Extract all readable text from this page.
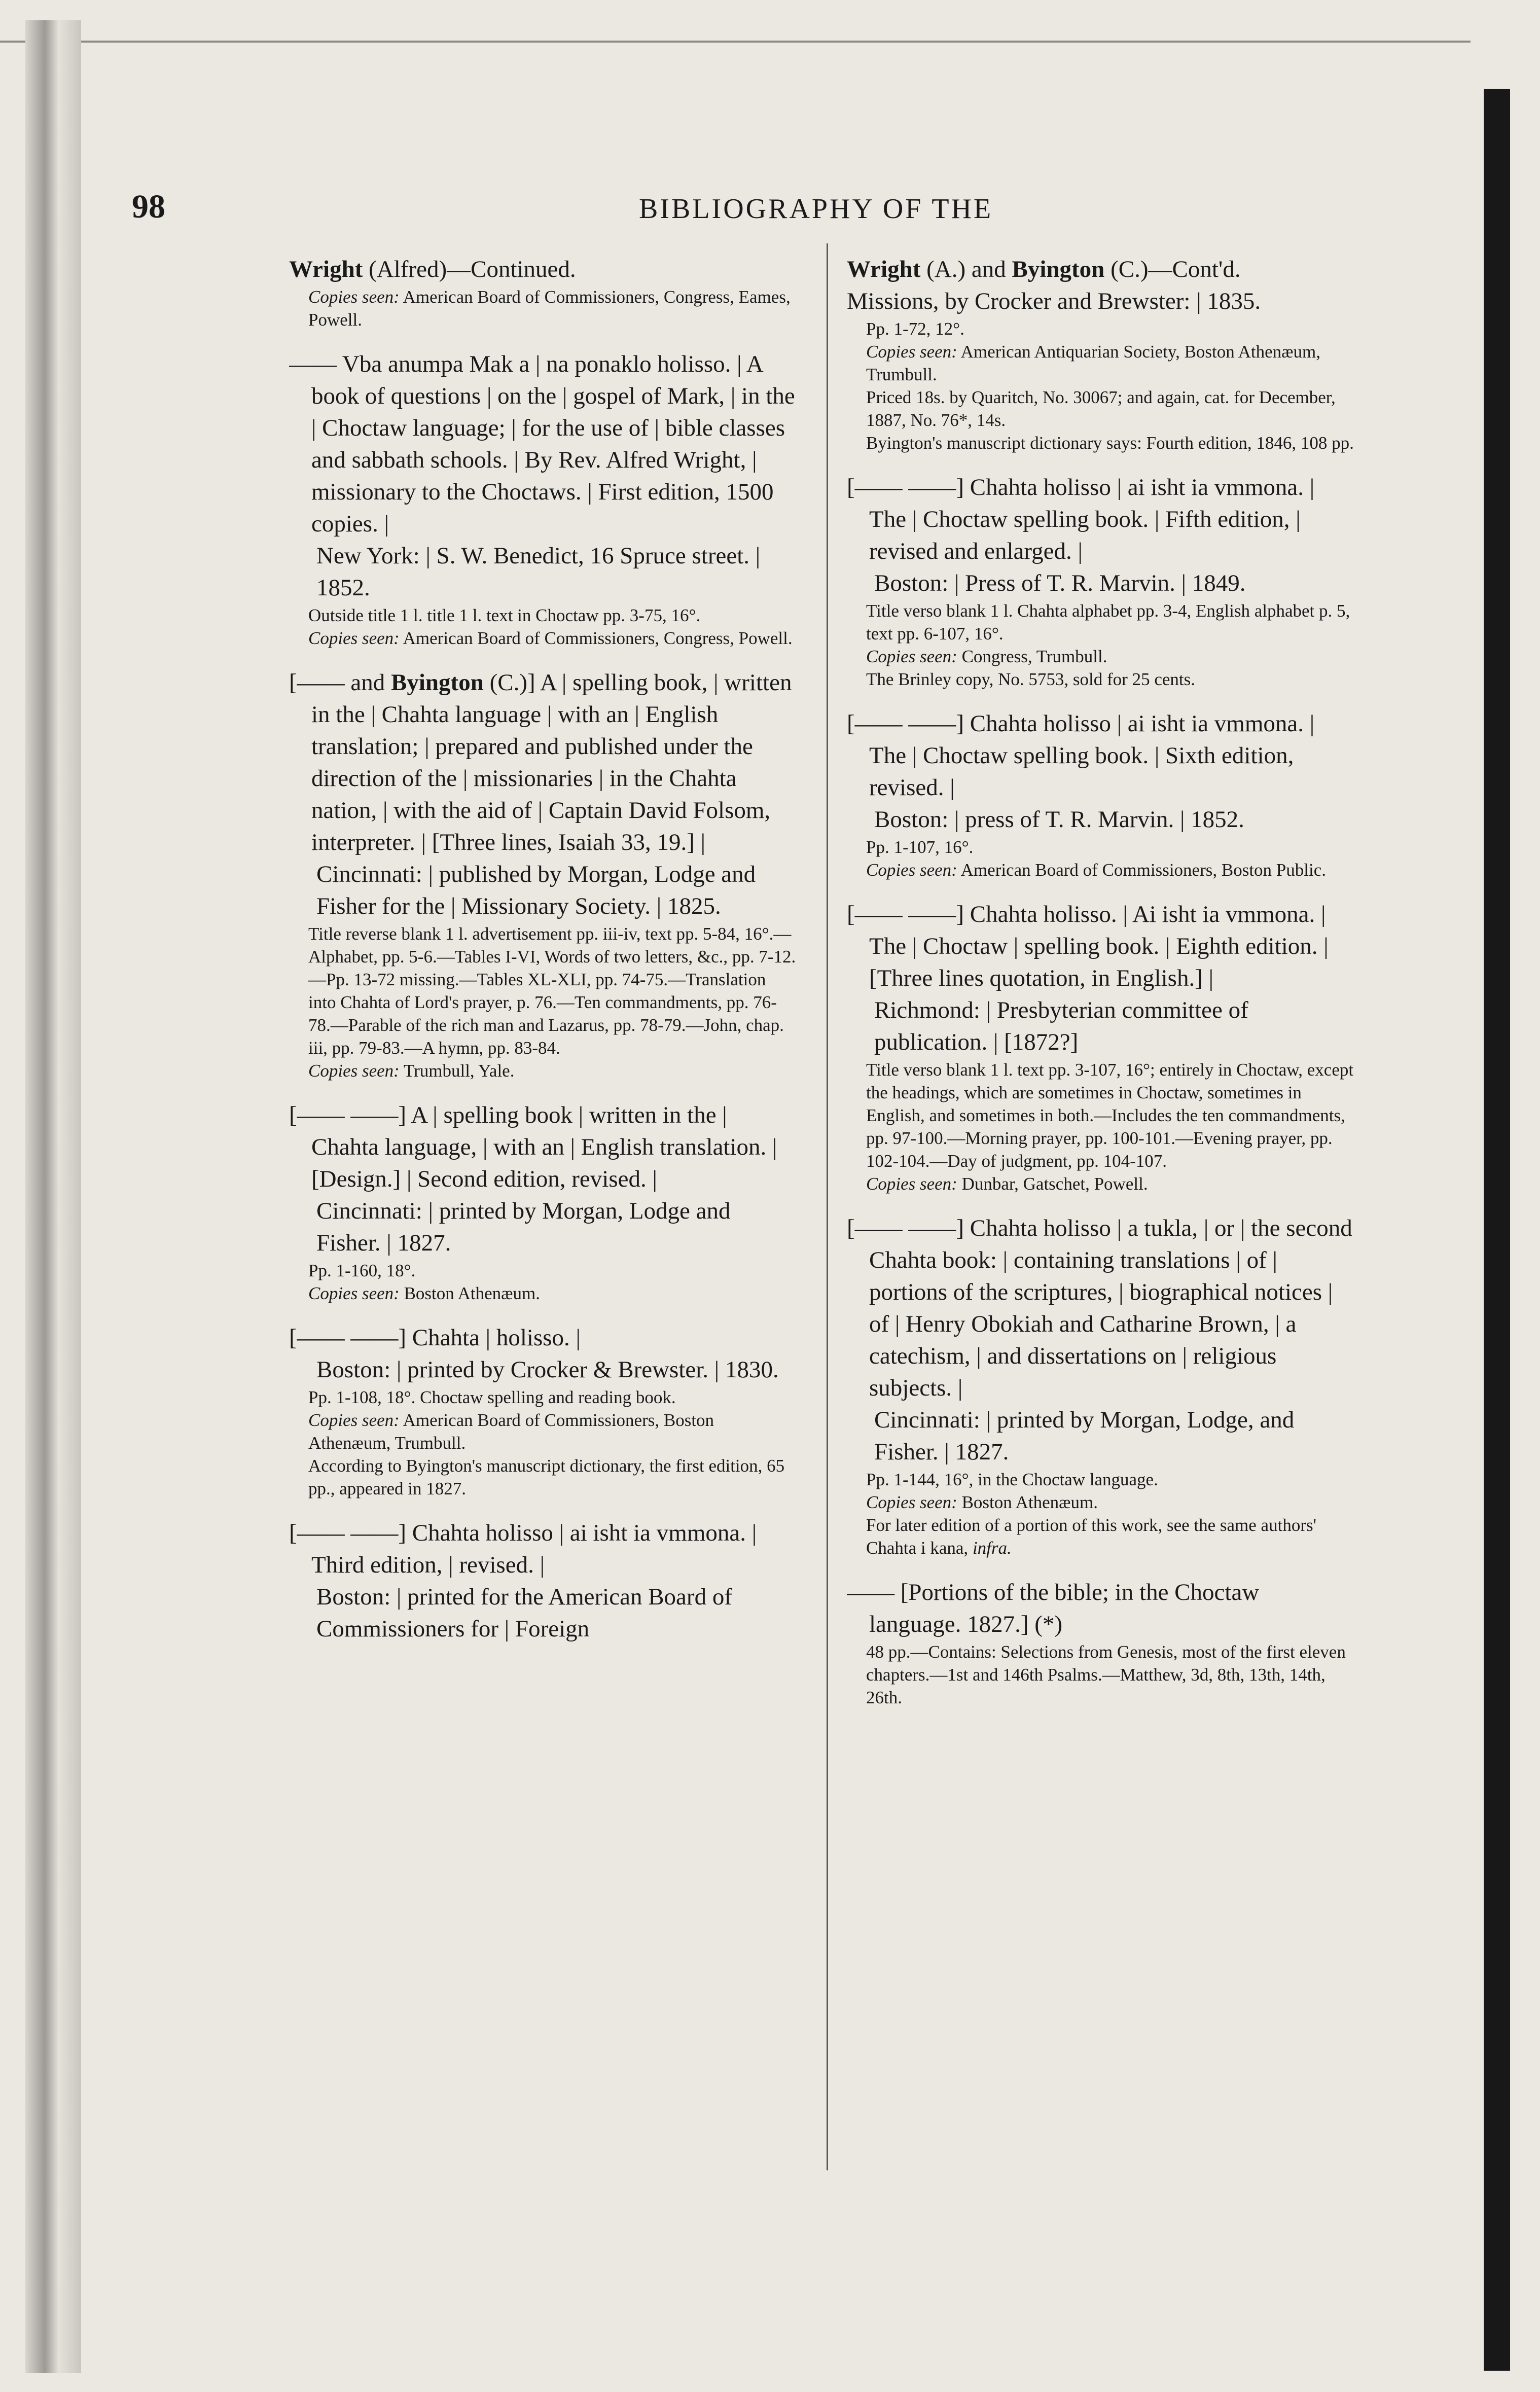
98	BIBLIOGRAPHY OF THE

Wright (Alfred)—Continued.

Copies seen: American Board of Commissioners, Congress, Eames, Powell.

—— Vba anumpa Mak a | na ponaklo holisso. | A book of questions | on the | gospel of Mark, | in the | Choctaw language; | for the use of | bible classes and sabbath schools. | By Rev. Alfred Wright, | missionary to the Choctaws. | First edition, 1500 copies. |

New York: | S. W. Benedict, 16 Spruce street. | 1852.

Outside title 1 l. title 1 l. text in Choctaw pp. 3-75, 16°.

Copies seen: American Board of Commissioners, Congress, Powell.

[—— and Byington (C.)] A | spelling book, | written in the | Chahta language | with an | English translation; | prepared and published under the direction of the | missionaries | in the Chahta nation, | with the aid of | Captain David Folsom, interpreter. | [Three lines, Isaiah 33, 19.] |

Cincinnati: | published by Morgan, Lodge and Fisher for the | Missionary Society. | 1825.

Title reverse blank 1 l. advertisement pp. iii-iv, text pp. 5-84, 16°.—Alphabet, pp. 5-6.—Tables I-VI, Words of two letters, &c., pp. 7-12.—Pp. 13-72 missing.—Tables XL-XLI, pp. 74-75.—Translation into Chahta of Lord's prayer, p. 76.—Ten commandments, pp. 76-78.—Parable of the rich man and Lazarus, pp. 78-79.—John, chap. iii, pp. 79-83.—A hymn, pp. 83-84.

Copies seen: Trumbull, Yale.

[—— ——] A | spelling book | written in the | Chahta language, | with an | English translation. | [Design.] | Second edition, revised. |

Cincinnati: | printed by Morgan, Lodge and Fisher. | 1827.

Pp. 1-160, 18°.

Copies seen: Boston Athenæum.

[—— ——] Chahta | holisso. |

Boston: | printed by Crocker & Brewster. | 1830.

Pp. 1-108, 18°. Choctaw spelling and reading book.

Copies seen: American Board of Commissioners, Boston Athenæum, Trumbull.

According to Byington's manuscript dictionary, the first edition, 65 pp., appeared in 1827.

[—— ——] Chahta holisso | ai isht ia vmmona. | Third edition, | revised. |

Boston: | printed for the American Board of Commissioners for | Foreign

Wright (A.) and Byington (C.)—Cont'd.

Missions, by Crocker and Brewster: | 1835.

Pp. 1-72, 12°.

Copies seen: American Antiquarian Society, Boston Athenæum, Trumbull.

Priced 18s. by Quaritch, No. 30067; and again, cat. for December, 1887, No. 76*, 14s.

Byington's manuscript dictionary says: Fourth edition, 1846, 108 pp.

[—— ——] Chahta holisso | ai isht ia vmmona. | The | Choctaw spelling book. | Fifth edition, | revised and enlarged. |

Boston: | Press of T. R. Marvin. | 1849.

Title verso blank 1 l. Chahta alphabet pp. 3-4, English alphabet p. 5, text pp. 6-107, 16°.

Copies seen: Congress, Trumbull.

The Brinley copy, No. 5753, sold for 25 cents.

[—— ——] Chahta holisso | ai isht ia vmmona. | The | Choctaw spelling book. | Sixth edition, revised. |

Boston: | press of T. R. Marvin. | 1852.

Pp. 1-107, 16°.

Copies seen: American Board of Commissioners, Boston Public.

[—— ——] Chahta holisso. | Ai isht ia vmmona. | The | Choctaw | spelling book. | Eighth edition. | [Three lines quotation, in English.] |

Richmond: | Presbyterian committee of publication. | [1872?]

Title verso blank 1 l. text pp. 3-107, 16°; entirely in Choctaw, except the headings, which are sometimes in Choctaw, sometimes in English, and sometimes in both.—Includes the ten commandments, pp. 97-100.—Morning prayer, pp. 100-101.—Evening prayer, pp. 102-104.—Day of judgment, pp. 104-107.

Copies seen: Dunbar, Gatschet, Powell.

[—— ——] Chahta holisso | a tukla, | or | the second Chahta book: | containing translations | of | portions of the scriptures, | biographical notices | of | Henry Obokiah and Catharine Brown, | a catechism, | and dissertations on | religious subjects. |

Cincinnati: | printed by Morgan, Lodge, and Fisher. | 1827.

Pp. 1-144, 16°, in the Choctaw language.

Copies seen: Boston Athenæum.

For later edition of a portion of this work, see the same authors' Chahta i kana, infra.

—— [Portions of the bible; in the Choctaw language. 1827.] (*)

48 pp.—Contains: Selections from Genesis, most of the first eleven chapters.—1st and 146th Psalms.—Matthew, 3d, 8th, 13th, 14th, 26th.
